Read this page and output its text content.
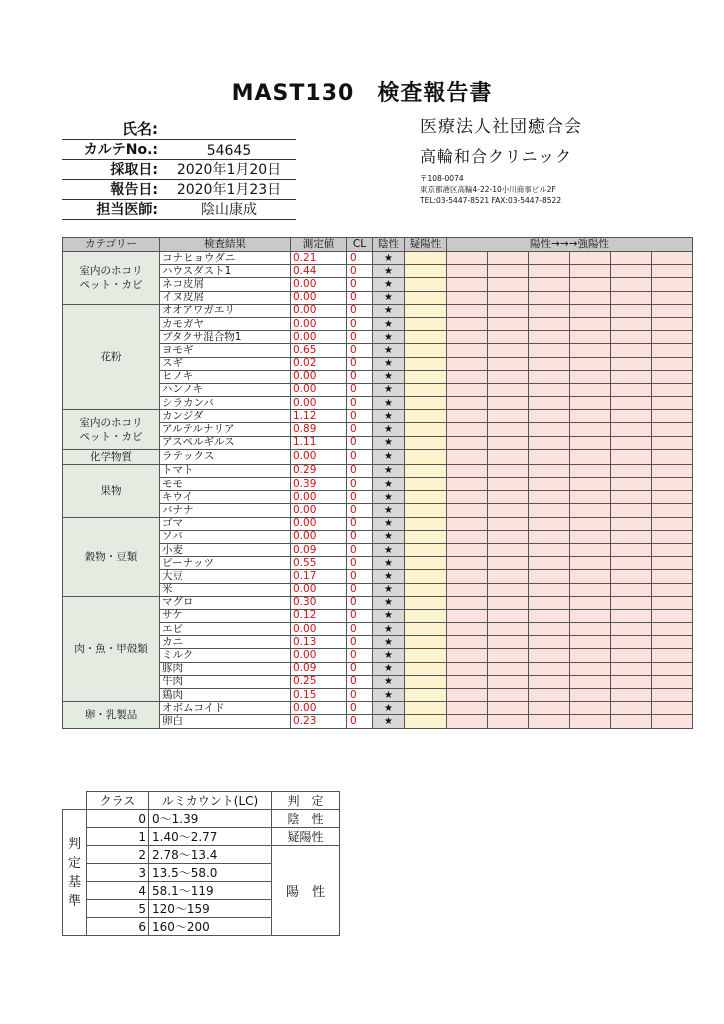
MAST130　検査報告書
氏名:
カルテNo.:	54645
採取日:	2020年1月20日
報告日:	2020年1月23日
担当医師:	陰山康成
医療法人社団癒合会
高輪和合クリニック
〒108-0074
東京都港区高輪4-22-10小川商事ビル2F
TEL:03-5447-8521 FAX:03-5447-8522
カテゴリー	検査結果	測定値	CL	陰性	疑陽性	陽性→→→強陽性					
室内のホコリ
ペット・カビ	コナヒョウダニ	0.21	0	★							
	ハウスダスト1	0.44	0	★							
	ネコ皮屑	0.00	0	★							
	イヌ皮屑	0.00	0	★							
花粉	オオアワガエリ	0.00	0	★							
	カモガヤ	0.00	0	★							
	ブタクサ混合物1	0.00	0	★							
	ヨモギ	0.65	0	★							
	スギ	0.02	0	★							
	ヒノキ	0.00	0	★							
	ハンノキ	0.00	0	★							
	シラカンバ	0.00	0	★							
室内のホコリ
ペット・カビ	カンジダ	1.12	0	★							
	アルテルナリア	0.89	0	★							
	アスペルギルス	1.11	0	★							
化学物質	ラテックス	0.00	0	★							
果物	トマト	0.29	0	★							
	モモ	0.39	0	★							
	キウイ	0.00	0	★							
	バナナ	0.00	0	★							
穀物・豆類	ゴマ	0.00	0	★							
	ソバ	0.00	0	★							
	小麦	0.09	0	★							
	ピーナッツ	0.55	0	★							
	大豆	0.17	0	★							
	米	0.00	0	★							
肉・魚・甲殻類	マグロ	0.30	0	★							
	サケ	0.12	0	★							
	エビ	0.00	0	★							
	カニ	0.13	0	★							
	ミルク	0.00	0	★							
	豚肉	0.09	0	★							
	牛肉	0.25	0	★							
	鶏肉	0.15	0	★							
卵・乳製品	オボムコイド	0.00	0	★							
	卵白	0.23	0	★							
	クラス	ルミカウント(LC)	判　定
判
定
基
準	0	0～1.39	陰　性
	1	1.40～2.77	疑陽性
	2	2.78～13.4	陽　性
	3	13.5～58.0	
	4	58.1～119	
	5	120～159	
	6	160～200	
